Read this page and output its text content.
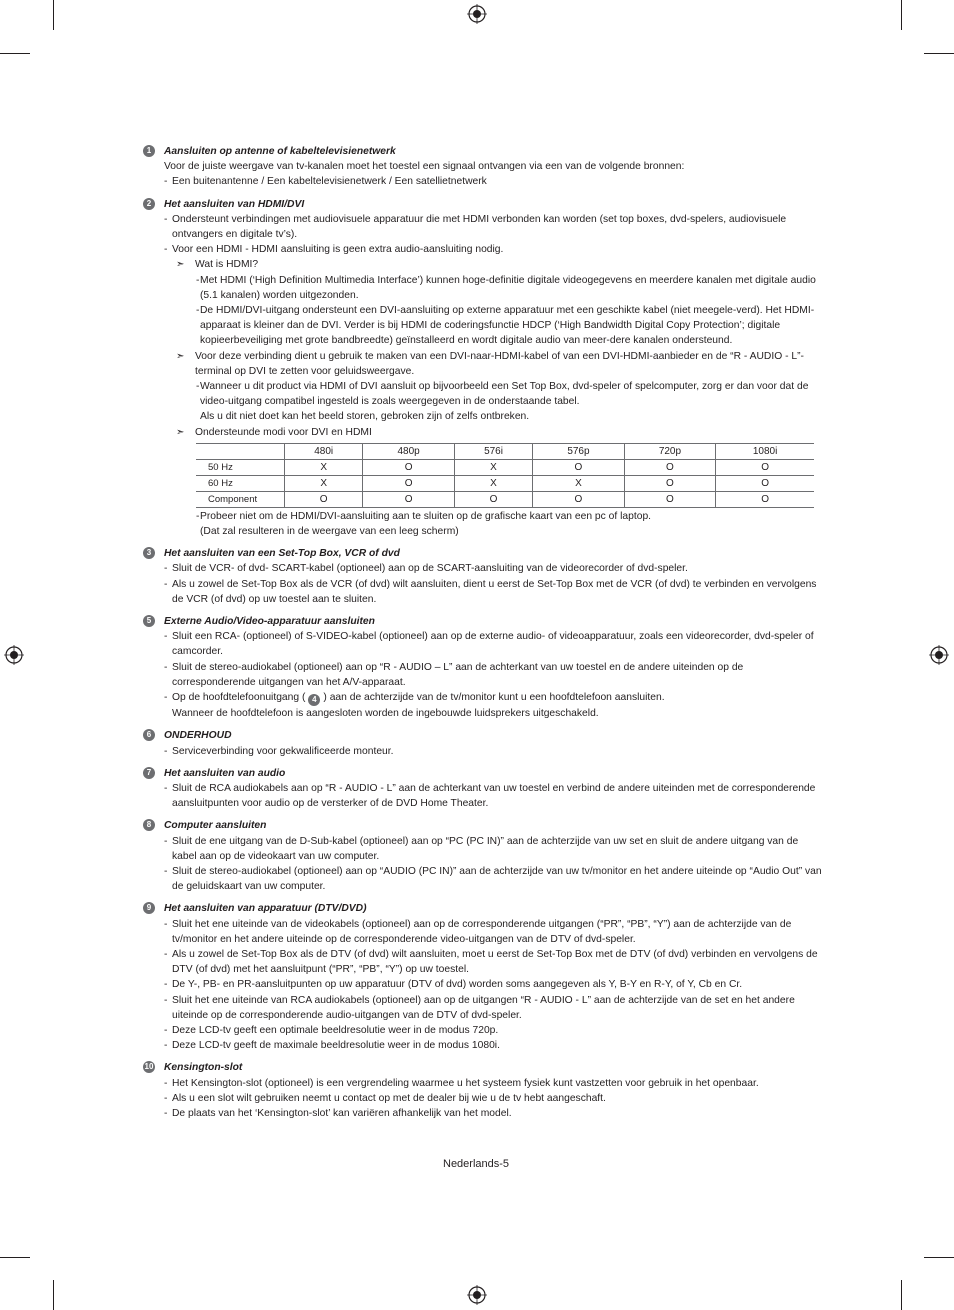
1	Aansluiten op antenne of kabeltelevisienetwerk
Voor de juiste weergave van tv-kanalen moet het toestel een signaal ontvangen via een van de volgende bronnen:
- Een buitenantenne / Een kabeltelevisienetwerk / Een satellietnetwerk
2	Het aansluiten van HDMI/DVI
- Ondersteunt verbindingen met audiovisuele apparatuur die met HDMI verbonden kan worden (set top boxes, dvd-spelers, audiovisuele ontvangers en digitale tv’s).
- Voor een HDMI - HDMI aansluiting is geen extra audio-aansluiting nodig.
➣ Wat is HDMI?
- Met HDMI (‘High Definition Multimedia Interface’) kunnen hoge-definitie digitale videogegevens en meerdere kanalen met digitale audio (5.1 kanalen) worden uitgezonden.
- De HDMI/DVI-uitgang ondersteunt een DVI-aansluiting op externe apparatuur met een geschikte kabel (niet meegele-verd). Het HDMI-apparaat is kleiner dan de DVI. Verder is bij HDMI de coderingsfunctie HDCP (‘High Bandwidth Digital Copy Protection’; digitale kopieerbeveiliging met grote bandbreedte) geïnstalleerd en wordt digitale audio van meer-dere kanalen ondersteund.
➣ Voor deze verbinding dient u gebruik te maken van een DVI-naar-HDMI-kabel of van een DVI-HDMI-aanbieder en de “R - AUDIO - L”-terminal op DVI te zetten voor geluidsweergave.
- Wanneer u dit product via HDMI of DVI aansluit op bijvoorbeeld een Set Top Box, dvd-speler of spelcomputer, zorg er dan voor dat de video-uitgang compatibel ingesteld is zoals weergegeven in de onderstaande tabel.
Als u dit niet doet kan het beeld storen, gebroken zijn of zelfs ontbreken.
➣ Ondersteunde modi voor DVI en HDMI
	480i	480p	576i	576p	720p	1080i
50 Hz	X	O	X	O	O	O
60 Hz	X	O	X	X	O	O
Component	O	O	O	O	O	O
- Probeer niet om de HDMI/DVI-aansluiting aan te sluiten op de grafische kaart van een pc of laptop.
(Dat zal resulteren in de weergave van een leeg scherm)
3	Het aansluiten van een Set-Top Box, VCR of dvd
- Sluit de VCR- of dvd- SCART-kabel (optioneel) aan op de SCART-aansluiting van de videorecorder of dvd-speler.
- Als u zowel de Set-Top Box als de VCR (of dvd) wilt aansluiten, dient u eerst de Set-Top Box met de VCR (of dvd) te verbinden en vervolgens de VCR (of dvd) op uw toestel aan te sluiten.
5	Externe Audio/Video-apparatuur aansluiten
- Sluit een RCA- (optioneel) of S-VIDEO-kabel (optioneel) aan op de externe audio- of videoapparatuur, zoals een videorecorder, dvd-speler of camcorder.
- Sluit de stereo-audiokabel (optioneel) aan op “R - AUDIO – L” aan de achterkant van uw toestel en de andere uiteinden op de corresponderende uitgangen van het A/V-apparaat.
- Op de hoofdtelefoonuitgang ( 4 ) aan de achterzijde van de tv/monitor kunt u een hoofdtelefoon aansluiten.
Wanneer de hoofdtelefoon is aangesloten worden de ingebouwde luidsprekers uitgeschakeld.
6	ONDERHOUD
- Serviceverbinding voor gekwalificeerde monteur.
7	Het aansluiten van audio
- Sluit de RCA audiokabels aan op “R - AUDIO - L” aan de achterkant van uw toestel en verbind de andere uiteinden met de corresponderende aansluitpunten voor audio op de versterker of de DVD Home Theater.
8	Computer aansluiten
- Sluit de ene uitgang van de D-Sub-kabel (optioneel) aan op “PC (PC IN)” aan de achterzijde van uw set en sluit de andere uitgang van de kabel aan op de videokaart van uw computer.
- Sluit de stereo-audiokabel (optioneel) aan op “AUDIO (PC IN)” aan de achterzijde van uw tv/monitor en het andere uiteinde op “Audio Out” van de geluidskaart van uw computer.
9	Het aansluiten van apparatuur (DTV/DVD)
- Sluit het ene uiteinde van de videokabels (optioneel) aan op de corresponderende uitgangen (“PR”, “PB”, “Y”) aan de achterzijde van de tv/monitor en het andere uiteinde op de corresponderende video-uitgangen van de DTV of dvd-speler.
- Als u zowel de Set-Top Box als de DTV (of dvd) wilt aansluiten, moet u eerst de Set-Top Box met de DTV (of dvd) verbinden en vervolgens de DTV (of dvd) met het aansluitpunt (“PR”, “PB”, “Y”) op uw toestel.
- De Y-, PB- en PR-aansluitpunten op uw apparatuur (DTV of dvd) worden soms aangegeven als Y, B-Y en R-Y, of Y, Cb en Cr.
- Sluit het ene uiteinde van RCA audiokabels (optioneel) aan op de uitgangen “R - AUDIO - L” aan de achterzijde van de set en het andere uiteinde op de corresponderende audio-uitgangen van de DTV of dvd-speler.
- Deze LCD-tv geeft een optimale beeldresolutie weer in de modus 720p.
- Deze LCD-tv geeft de maximale beeldresolutie weer in de modus 1080i.
10 Kensington-slot
- Het Kensington-slot (optioneel) is een vergrendeling waarmee u het systeem fysiek kunt vastzetten voor gebruik in het openbaar.
- Als u een slot wilt gebruiken neemt u contact op met de dealer bij wie u de tv hebt aangeschaft.
- De plaats van het ‘Kensington-slot’ kan variëren afhankelijk van het model.
Nederlands-5
